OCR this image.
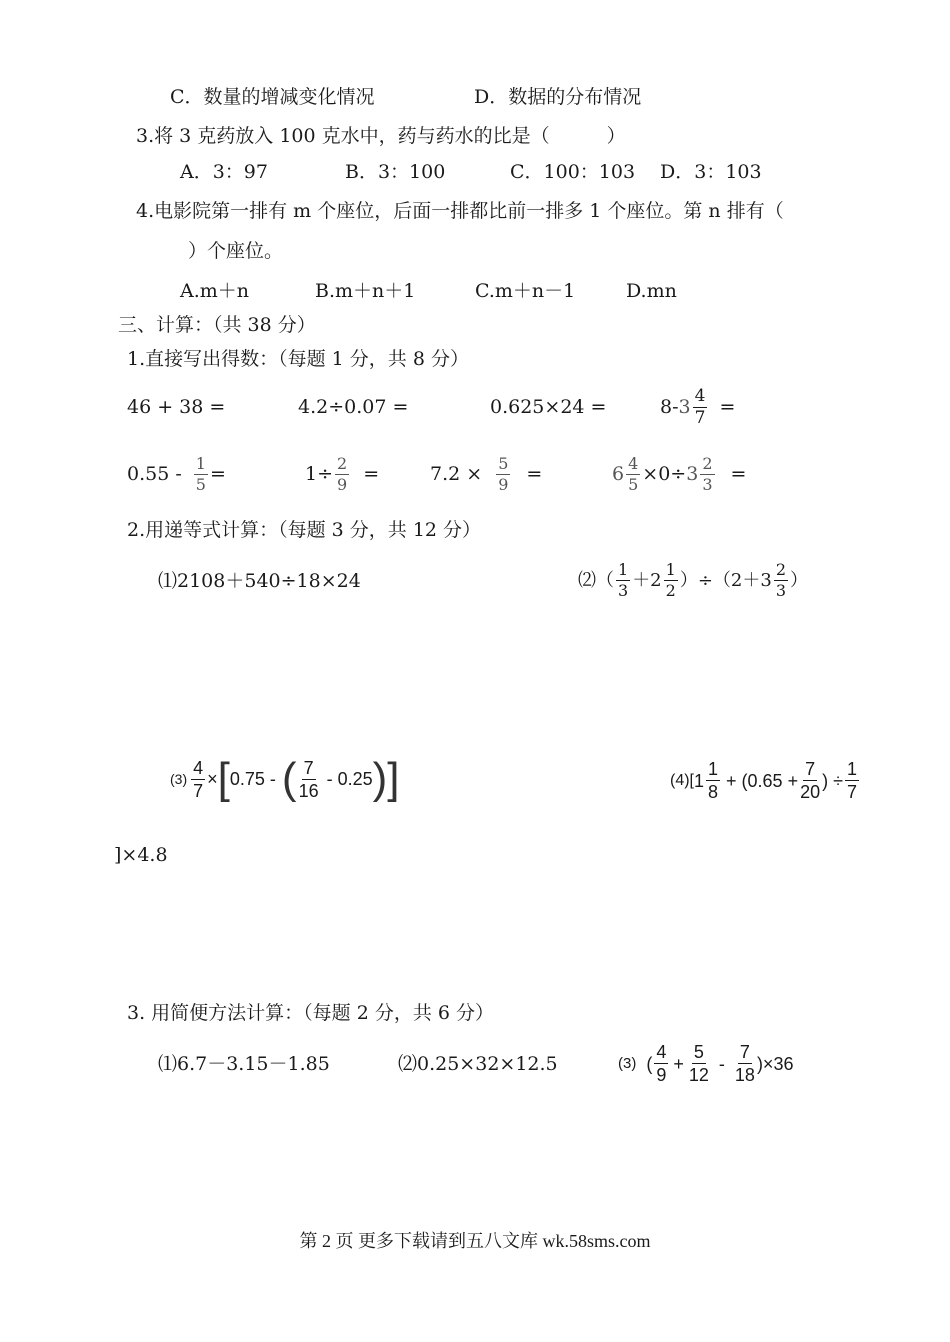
C．数量的增减变化情况	D．数据的分布情况
3.将 3 克药放入 100 克水中，药与药水的比是（　　　）
A．3：97	B．3：100	C．100：103 D．3：103
4.电影院第一排有 m 个座位，后面一排都比前一排多 1 个座位。第 n 排有（
）个座位。
A.m＋n	B.m＋n＋1	C.m＋n－1	D.mn
三、计算：（共 38 分）
1.直接写出得数：（每题 1 分，共 8 分）
46 + 38 =	4.2÷0.07 =	0.625×24 =	8- $3 \frac{4}{7}$ =
$0.55 - \frac{1}{5}$ =	$1\div \frac{2}{9}$ =	$7.2 \times \frac{5}{9}$ =	$6 \frac{4}{5} \times 0\div 3 \frac{2}{3}$ =
2.用递等式计算：（每题 3 分，共 12 分）
⑴2108＋540÷18×24	⑵（ $\frac{1}{3} +2 \frac{1}{2} )\div(2+3 \frac{2}{3}$ ）
$(3) \frac{4}{7}$ × [ 0.75 - ( $\frac{7}{16} - 0.25$ ) ]	(4)[ $1 \frac{1}{8} + (0.65 + \frac{7}{20}$ ) ÷ $\frac{1}{7}$
]×4.8
3. 用简便方法计算：（每题 2 分，共 6 分）
⑴6.7－3.15－1.85	⑵0.25×32×12.5	(3) ( $\frac{4}{9} + \frac{5}{12} - \frac{7}{18} )\times 36$
第 2 页 更多下载请到五八文库 wk.58sms.com
